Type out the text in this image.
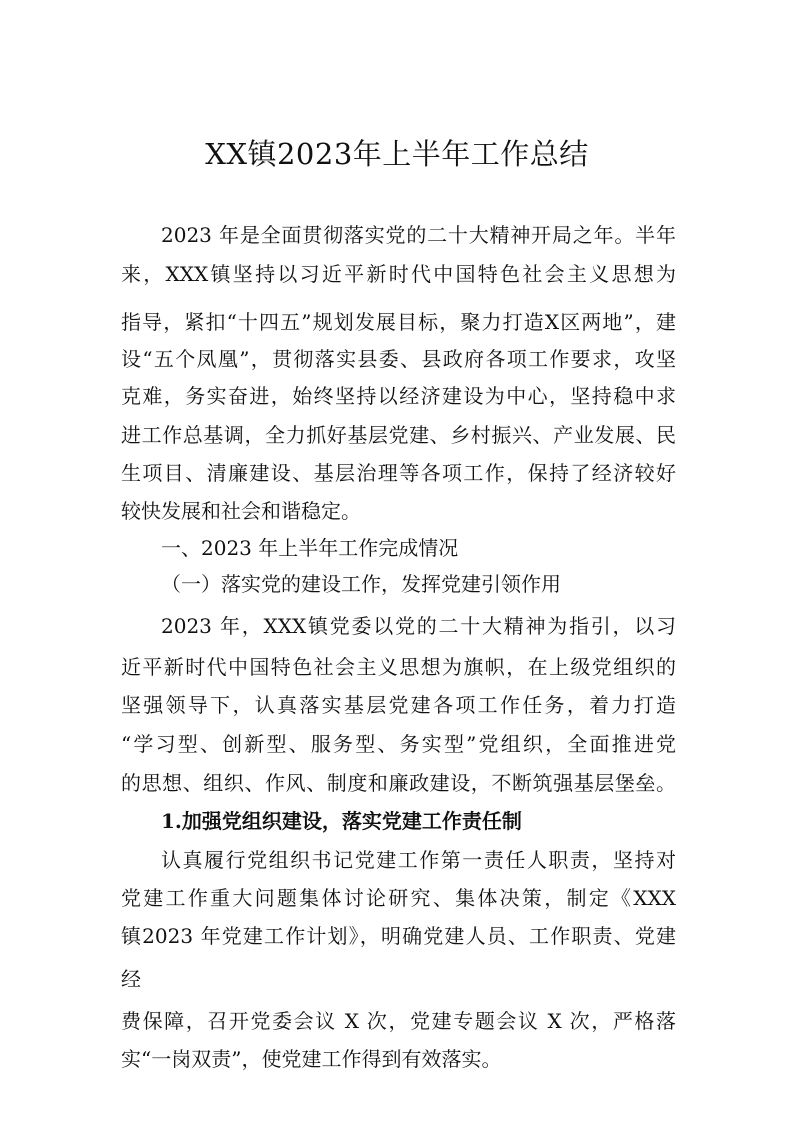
XX镇2023年上半年工作总结
2023 年是全面贯彻落实党的二十大精神开局之年。半年
来，XXX镇坚持以习近平新时代中国特色社会主义思想为
指导，紧扣“十四五”规划发展目标，聚力打造X区两地”，建
设“五个凤凰”，贯彻落实县委、县政府各项工作要求，攻坚
克难，务实奋进，始终坚持以经济建设为中心，坚持稳中求
进工作总基调，全力抓好基层党建、乡村振兴、产业发展、民
生项目、清廉建设、基层治理等各项工作，保持了经济较好
较快发展和社会和谐稳定。
一、2023 年上半年工作完成情况
（一）落实党的建设工作，发挥党建引领作用
2023 年，XXX镇党委以党的二十大精神为指引，以习
近平新时代中国特色社会主义思想为旗帜，在上级党组织的
坚强领导下，认真落实基层党建各项工作任务，着力打造
“学习型、创新型、服务型、务实型”党组织，全面推进党
的思想、组织、作风、制度和廉政建设，不断筑强基层堡垒。
1.加强党组织建设，落实党建工作责任制
认真履行党组织书记党建工作第一责任人职责，坚持对
党建工作重大问题集体讨论研究、集体决策，制定《XXX
镇2023 年党建工作计划》，明确党建人员、工作职责、党建
经
费保障，召开党委会议 X 次，党建专题会议 X 次，严格落
实“一岗双责”，使党建工作得到有效落实。
